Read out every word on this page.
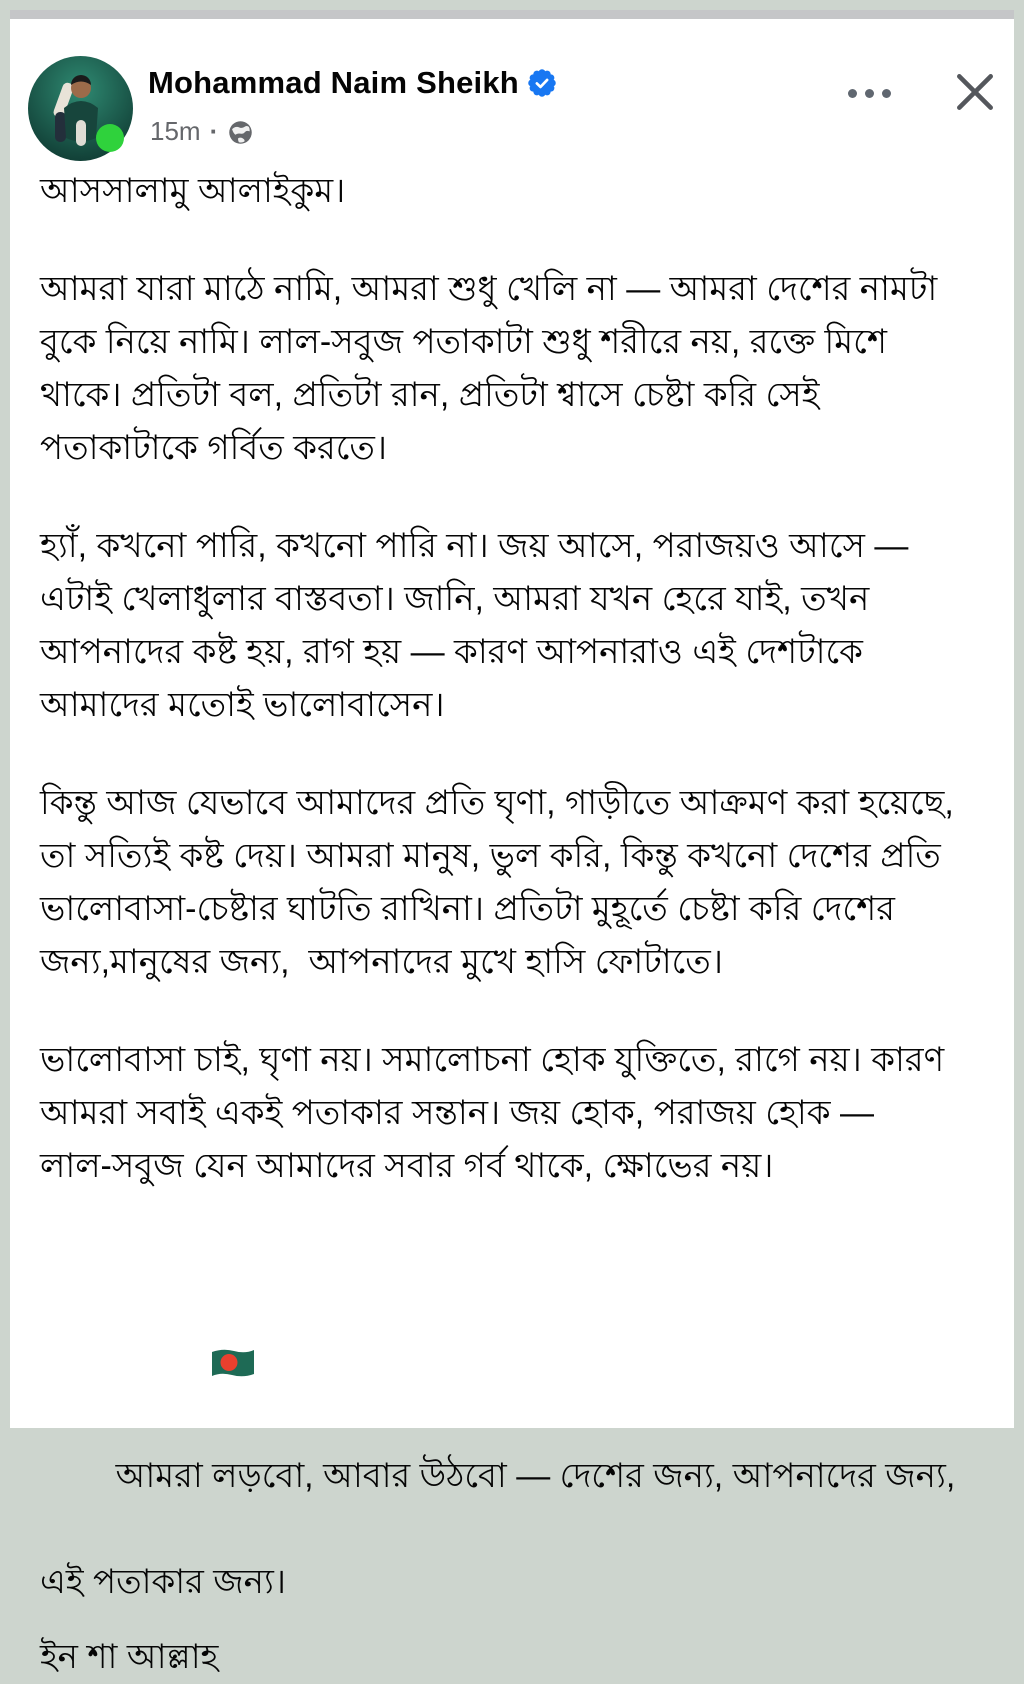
Mohammad Naim Sheikh
15m ·

আসসালামু আলাইকুম।

আমরা যারা মাঠে নামি, আমরা শুধু খেলি না — আমরা দেশের নামটা
বুকে নিয়ে নামি। লাল-সবুজ পতাকাটা শুধু শরীরে নয়, রক্তে মিশে
থাকে। প্রতিটা বল, প্রতিটা রান, প্রতিটা শ্বাসে চেষ্টা করি সেই
পতাকাটাকে গর্বিত করতে।

হ্যাঁ, কখনো পারি, কখনো পারি না। জয় আসে, পরাজয়ও আসে —
এটাই খেলাধুলার বাস্তবতা। জানি, আমরা যখন হেরে যাই, তখন
আপনাদের কষ্ট হয়, রাগ হয় — কারণ আপনারাও এই দেশটাকে
আমাদের মতোই ভালোবাসেন।

কিন্তু আজ যেভাবে আমাদের প্রতি ঘৃণা, গাড়ীতে আক্রমণ করা হয়েছে,
তা সত্যিই কষ্ট দেয়। আমরা মানুষ, ভুল করি, কিন্তু কখনো দেশের প্রতি
ভালোবাসা-চেষ্টার ঘাটতি রাখিনা। প্রতিটা মুহূর্তে চেষ্টা করি দেশের
জন্য,মানুষের জন্য,  আপনাদের মুখে হাসি ফোটাতে।

ভালোবাসা চাই, ঘৃণা নয়। সমালোচনা হোক যুক্তিতে, রাগে নয়। কারণ
আমরা সবাই একই পতাকার সন্তান। জয় হোক, পরাজয় হোক —
লাল-সবুজ যেন আমাদের সবার গর্ব থাকে, ক্ষোভের নয়।

আমরা লড়বো, আবার উঠবো — দেশের জন্য, আপনাদের জন্য,

এই পতাকার জন্য।

ইন শা আল্লাহ
